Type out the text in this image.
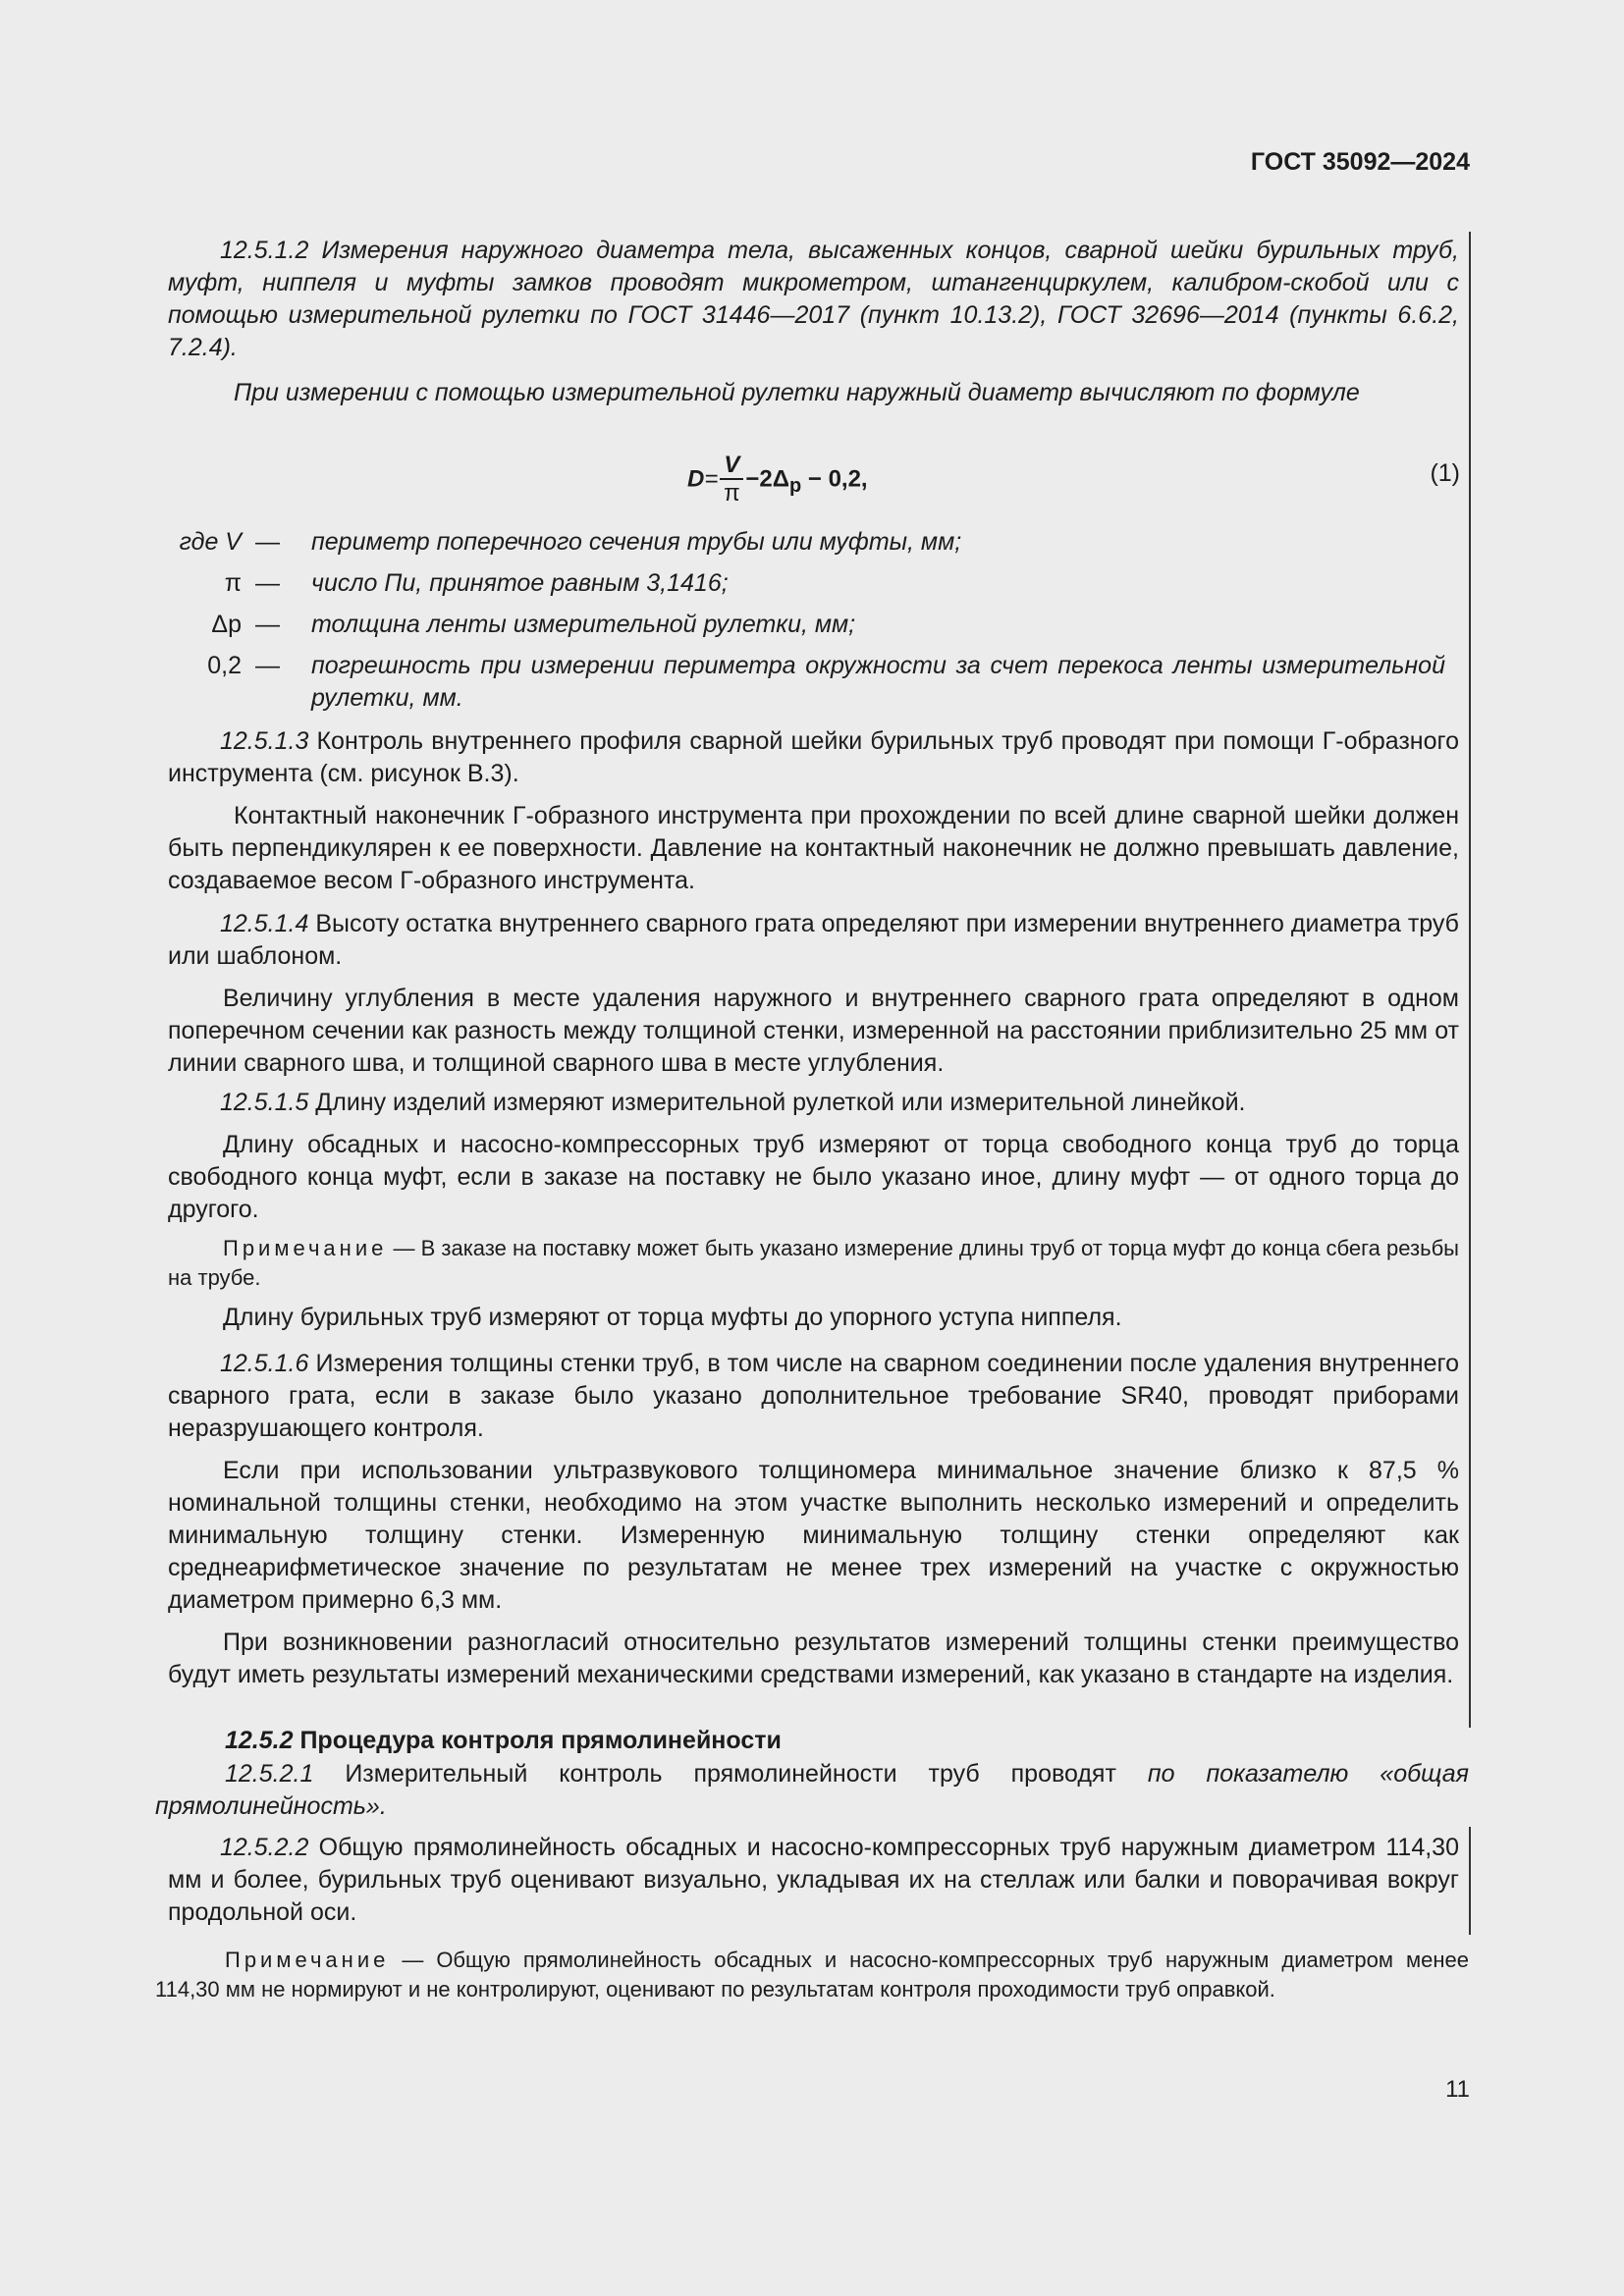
ГОСТ 35092—2024

12.5.1.2 Измерения наружного диаметра тела, высаженных концов, сварной шейки бурильных труб, муфт, ниппеля и муфты замков проводят микрометром, штангенциркулем, калибром-скобой или с помощью измерительной рулетки по ГОСТ 31446—2017 (пункт 10.13.2), ГОСТ 32696—2014 (пункты 6.6.2, 7.2.4).

При измерении с помощью измерительной рулетки наружный диаметр вычисляют по формуле

$D= \frac{V}{\pi} -2\Delta_р - 0,2$,	(1)
где V	—	периметр поперечного сечения трубы или муфты, мм;
π	—	число Пи, принятое равным 3,1416;
Δр	—	толщина ленты измерительной рулетки, мм;
0,2	—	погрешность при измерении периметра окружности за счет перекоса ленты измерительной рулетки, мм.

12.5.1.3 Контроль внутреннего профиля сварной шейки бурильных труб проводят при помощи Г-образного инструмента (см. рисунок В.3).

Контактный наконечник Г-образного инструмента при прохождении по всей длине сварной шейки должен быть перпендикулярен к ее поверхности. Давление на контактный наконечник не должно превышать давление, создаваемое весом Г-образного инструмента.

12.5.1.4 Высоту остатка внутреннего сварного грата определяют при измерении внутреннего диаметра труб или шаблоном.

Величину углубления в месте удаления наружного и внутреннего сварного грата определяют в одном поперечном сечении как разность между толщиной стенки, измеренной на расстоянии приблизительно 25 мм от линии сварного шва, и толщиной сварного шва в месте углубления.

12.5.1.5 Длину изделий измеряют измерительной рулеткой или измерительной линейкой.

Длину обсадных и насосно-компрессорных труб измеряют от торца свободного конца труб до торца свободного конца муфт, если в заказе на поставку не было указано иное, длину муфт — от одного торца до другого.

Примечание — В заказе на поставку может быть указано измерение длины труб от торца муфт до конца сбега резьбы на трубе.

Длину бурильных труб измеряют от торца муфты до упорного уступа ниппеля.

12.5.1.6 Измерения толщины стенки труб, в том числе на сварном соединении после удаления внутреннего сварного грата, если в заказе было указано дополнительное требование SR40, проводят приборами неразрушающего контроля.

Если при использовании ультразвукового толщиномера минимальное значение близко к 87,5 % номинальной толщины стенки, необходимо на этом участке выполнить несколько измерений и определить минимальную толщину стенки. Измеренную минимальную толщину стенки определяют как среднеарифметическое значение по результатам не менее трех измерений на участке с окружностью диаметром примерно 6,3 мм.

При возникновении разногласий относительно результатов измерений толщины стенки преимущество будут иметь результаты измерений механическими средствами измерений, как указано в стандарте на изделия.

12.5.2 Процедура контроля прямолинейности

12.5.2.1 Измерительный контроль прямолинейности труб проводят по показателю «общая прямолинейность».

12.5.2.2 Общую прямолинейность обсадных и насосно-компрессорных труб наружным диаметром 114,30 мм и более, бурильных труб оценивают визуально, укладывая их на стеллаж или балки и поворачивая вокруг продольной оси.

Примечание — Общую прямолинейность обсадных и насосно-компрессорных труб наружным диаметром менее 114,30 мм не нормируют и не контролируют, оценивают по результатам контроля проходимости труб оправкой.

11
